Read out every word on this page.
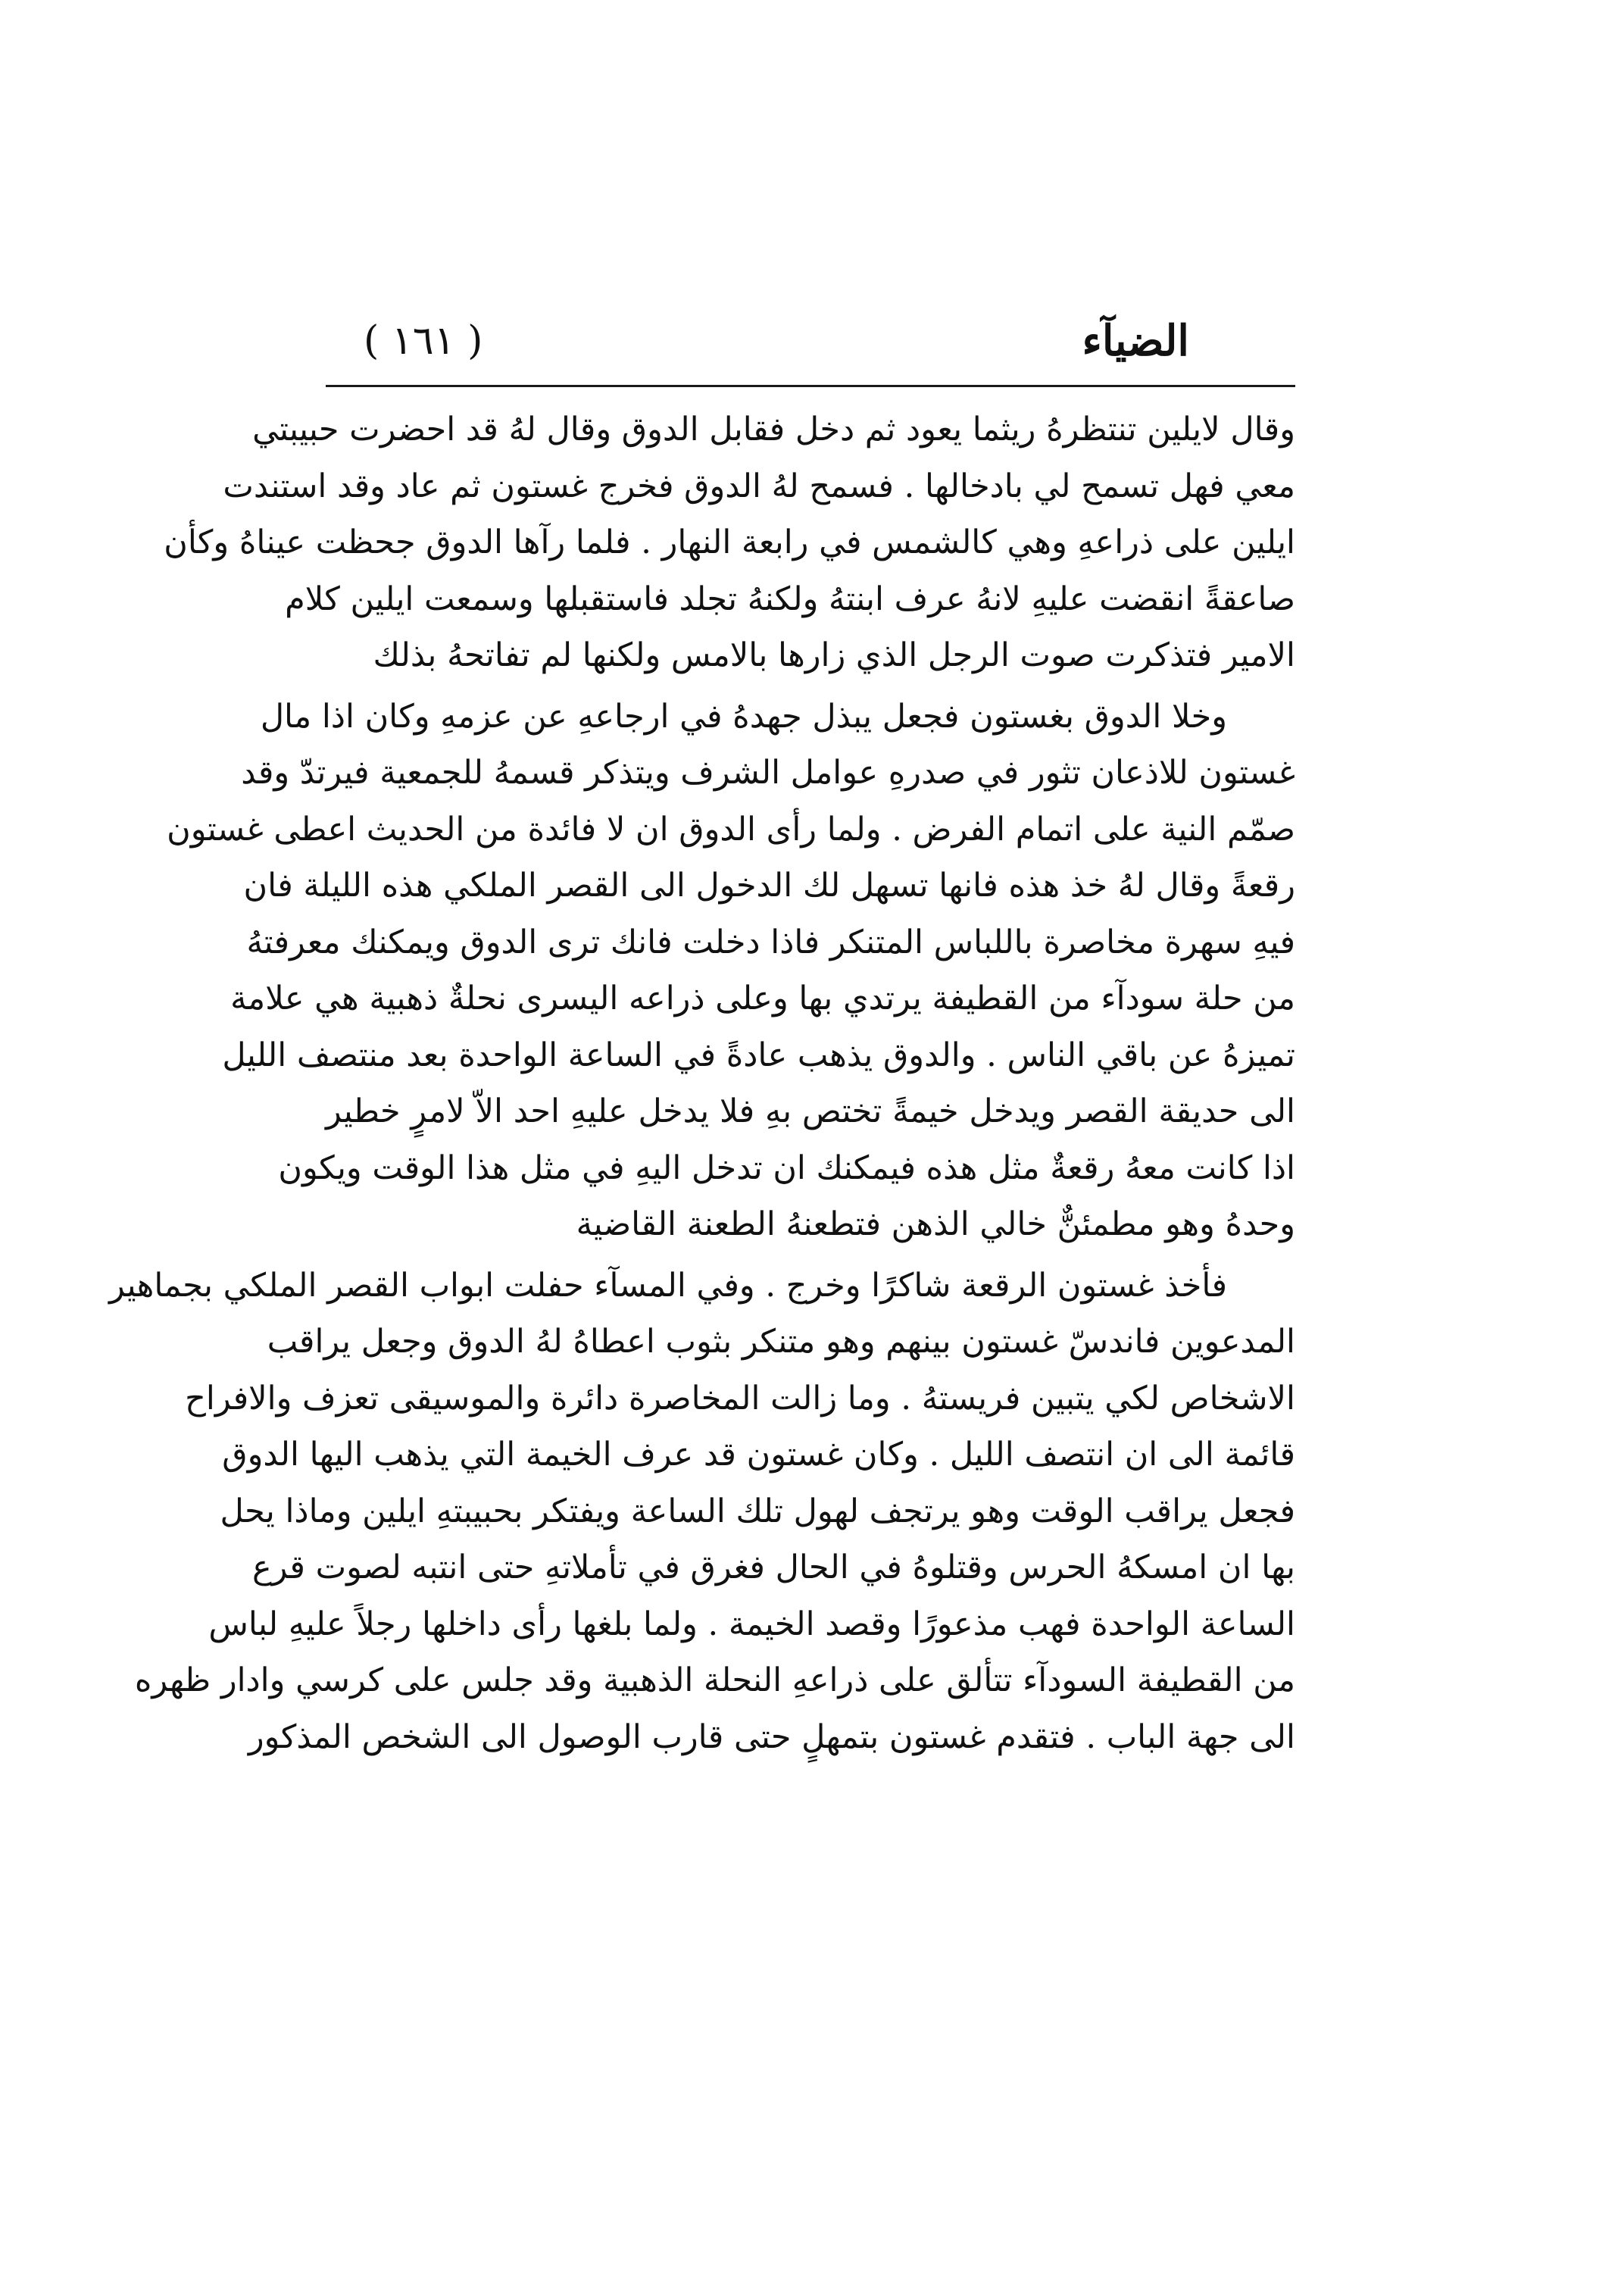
الضيآء
( ١٦١ )
وقال لايلين تنتظرهُ ريثما يعود ثم دخل فقابل الدوق وقال لهُ قد احضرت حبيبتي
معي فهل تسمح لي بادخالها . فسمح لهُ الدوق فخرج غستون ثم عاد وقد استندت
ايلين على ذراعهِ وهي كالشمس في رابعة النهار . فلما رآها الدوق جحظت عيناهُ وكأن
صاعقةً انقضت عليهِ لانهُ عرف ابنتهُ ولكنهُ تجلد فاستقبلها وسمعت ايلين كلام
الامير فتذكرت صوت الرجل الذي زارها بالامس ولكنها لم تفاتحهُ بذلك
وخلا الدوق بغستون فجعل يبذل جهدهُ في ارجاعهِ عن عزمهِ وكان اذا مال
غستون للاذعان تثور في صدرهِ عوامل الشرف ويتذكر قسمهُ للجمعية فيرتدّ وقد
صمّم النية على اتمام الفرض . ولما رأى الدوق ان لا فائدة من الحديث اعطى غستون
رقعةً وقال لهُ خذ هذه فانها تسهل لك الدخول الى القصر الملكي هذه الليلة فان
فيهِ سهرة مخاصرة باللباس المتنكر فاذا دخلت فانك ترى الدوق ويمكنك معرفتهُ
من حلة سودآء من القطيفة يرتدي بها وعلى ذراعه اليسرى نحلةٌ ذهبية هي علامة
تميزهُ عن باقي الناس . والدوق يذهب عادةً في الساعة الواحدة بعد منتصف الليل
الى حديقة القصر ويدخل خيمةً تختص بهِ فلا يدخل عليهِ احد الاّ لامرٍ خطير
اذا كانت معهُ رقعةٌ مثل هذه فيمكنك ان تدخل اليهِ في مثل هذا الوقت ويكون
وحدهُ وهو مطمئنٌّ خالي الذهن فتطعنهُ الطعنة القاضية
فأخذ غستون الرقعة شاكرًا وخرج . وفي المسآء حفلت ابواب القصر الملكي بجماهير
المدعوين فاندسّ غستون بينهم وهو متنكر بثوب اعطاهُ لهُ الدوق وجعل يراقب
الاشخاص لكي يتبين فريستهُ . وما زالت المخاصرة دائرة والموسيقى تعزف والافراح
قائمة الى ان انتصف الليل . وكان غستون قد عرف الخيمة التي يذهب اليها الدوق
فجعل يراقب الوقت وهو يرتجف لهول تلك الساعة ويفتكر بحبيبتهِ ايلين وماذا يحل
بها ان امسكهُ الحرس وقتلوهُ في الحال فغرق في تأملاتهِ حتى انتبه لصوت قرع
الساعة الواحدة فهب مذعورًا وقصد الخيمة . ولما بلغها رأى داخلها رجلاً عليهِ لباس
من القطيفة السودآء تتألق على ذراعهِ النحلة الذهبية وقد جلس على كرسي وادار ظهره
الى جهة الباب . فتقدم غستون بتمهلٍ حتى قارب الوصول الى الشخص المذكور
